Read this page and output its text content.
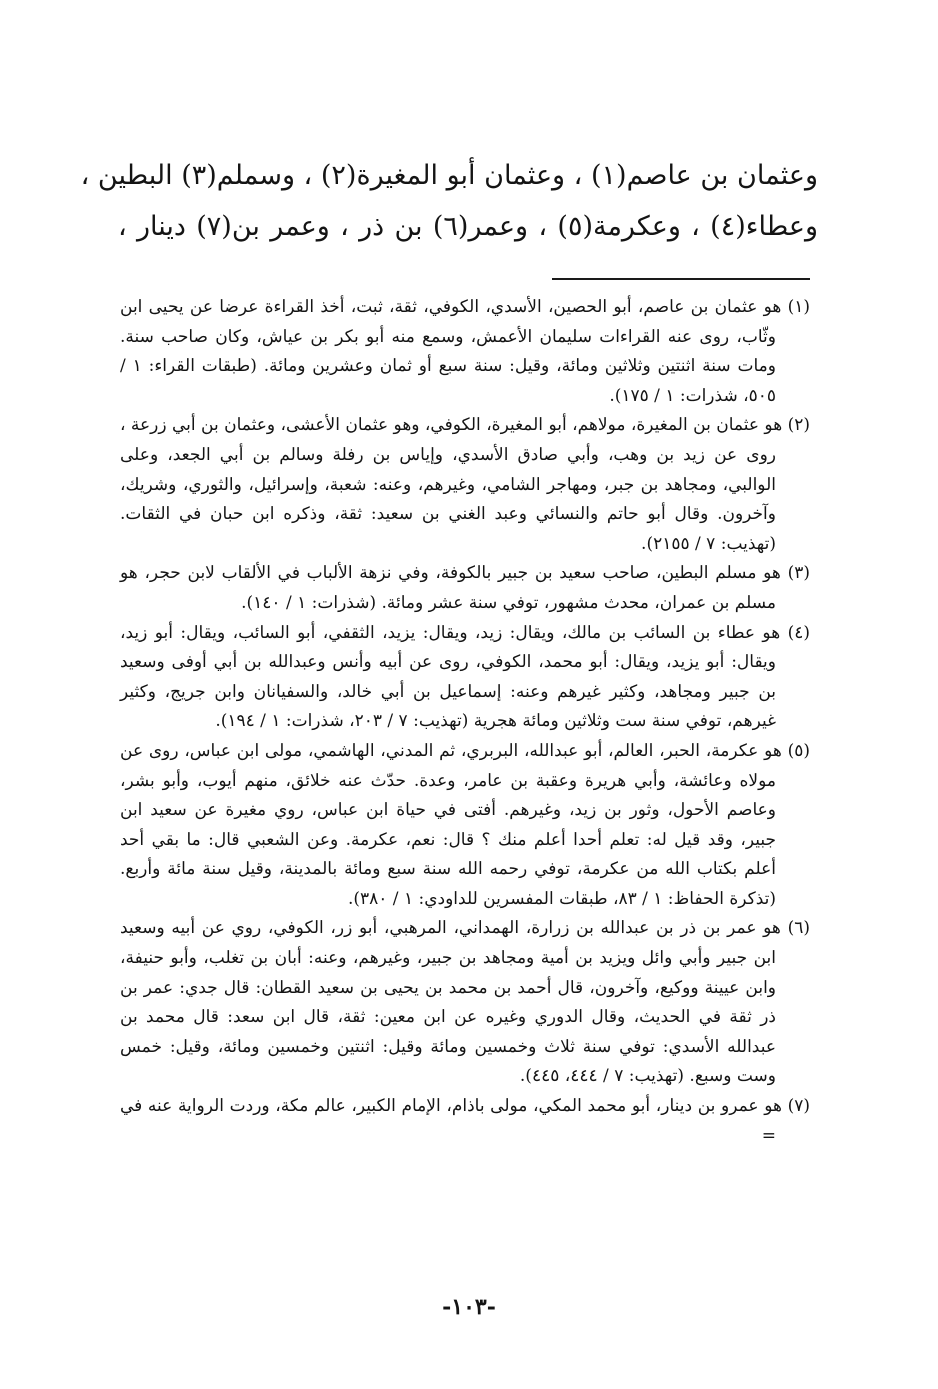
وعثمان بن عاصم(١) ، وعثمان أبو المغيرة(٢) ، وسملم(٣) البطين ،
وعطاء(٤) ، وعكرمة(٥) ، وعمر(٦) بن ذر ، وعمر بن(٧) دينار ،

(١) هو عثمان بن عاصم، أبو الحصين، الأسدي، الكوفي، ثقة، ثبت، أخذ القراءة عرضا عن يحيى ابن وثّاب، روى عنه القراءات سليمان الأعمش، وسمع منه أبو بكر بن عياش، وكان صاحب سنة. ومات سنة اثنتين وثلاثين ومائة، وقيل: سنة سبع أو ثمان وعشرين ومائة. (طبقات القراء: ١ / ٥٠٥، شذرات: ١ / ١٧٥).

(٢) هو عثمان بن المغيرة، مولاهم، أبو المغيرة، الكوفي، وهو عثمان الأعشى، وعثمان بن أبي زرعة ، روى عن زيد بن وهب، وأبي صادق الأسدي، وإياس بن رفلة وسالم بن أبي الجعد، وعلى الوالبي، ومجاهد بن جبر، ومهاجر الشامي، وغيرهم، وعنه: شعبة، وإسرائيل، والثوري، وشريك، وآخرون. وقال أبو حاتم والنسائي وعبد الغني بن سعيد: ثقة، وذكره ابن حبان في الثقات. (تهذيب: ٧ / ٢١٥٥).

(٣) هو مسلم البطين، صاحب سعيد بن جبير بالكوفة، وفي نزهة الألباب في الألقاب لابن حجر، هو مسلم بن عمران، محدث مشهور، توفي سنة عشر ومائة. (شذرات: ١ / ١٤٠).

(٤) هو عطاء بن السائب بن مالك، ويقال: زيد، ويقال: يزيد، الثقفي، أبو السائب، ويقال: أبو زيد، ويقال: أبو يزيد، ويقال: أبو محمد، الكوفي، روى عن أبيه وأنس وعبدالله بن أبي أوفى وسعيد بن جبير ومجاهد، وكثير غيرهم وعنه: إسماعيل بن أبي خالد، والسفيانان وابن جريج، وكثير غيرهم، توفي سنة ست وثلاثين ومائة هجرية (تهذيب: ٧ / ٢٠٣، شذرات: ١ / ١٩٤).

(٥) هو عكرمة، الحبر، العالم، أبو عبدالله، البربري، ثم المدني، الهاشمي، مولى ابن عباس، روى عن مولاه وعائشة، وأبي هريرة وعقبة بن عامر، وعدة. حدّث عنه خلائق، منهم أيوب، وأبو بشر، وعاصم الأحول، وثور بن زيد، وغيرهم. أفتى في حياة ابن عباس، روي مغيرة عن سعيد ابن جبير، وقد قيل له: تعلم أحدا أعلم منك ؟ قال: نعم، عكرمة. وعن الشعبي قال: ما بقي أحد أعلم بكتاب الله من عكرمة، توفي رحمه الله سنة سبع ومائة بالمدينة، وقيل سنة مائة وأربع. (تذكرة الحفاظ: ١ / ٨٣، طبقات المفسرين للداودي: ١ / ٣٨٠).

(٦) هو عمر بن ذر بن عبدالله بن زرارة، الهمداني، المرهبي، أبو زر، الكوفي، روي عن أبيه وسعيد ابن جبير وأبي وائل ويزيد بن أمية ومجاهد بن جبير، وغيرهم، وعنه: أبان بن تغلب، وأبو حنيفة، وابن عيينة ووكيع، وآخرون، قال أحمد بن محمد بن يحيى بن سعيد القطان: قال جدي: عمر بن ذر ثقة في الحديث، وقال الدوري وغيره عن ابن معين: ثقة، قال ابن سعد: قال محمد بن عبدالله الأسدي: توفي سنة ثلاث وخمسين ومائة وقيل: اثنتين وخمسين ومائة، وقيل: خمس وست وسبع. (تهذيب: ٧ / ٤٤٤، ٤٤٥).

(٧) هو عمرو بن دينار، أبو محمد المكي، مولى باذام، الإمام الكبير، عالم مكة، وردت الرواية عنه في =

-١٠٣-
